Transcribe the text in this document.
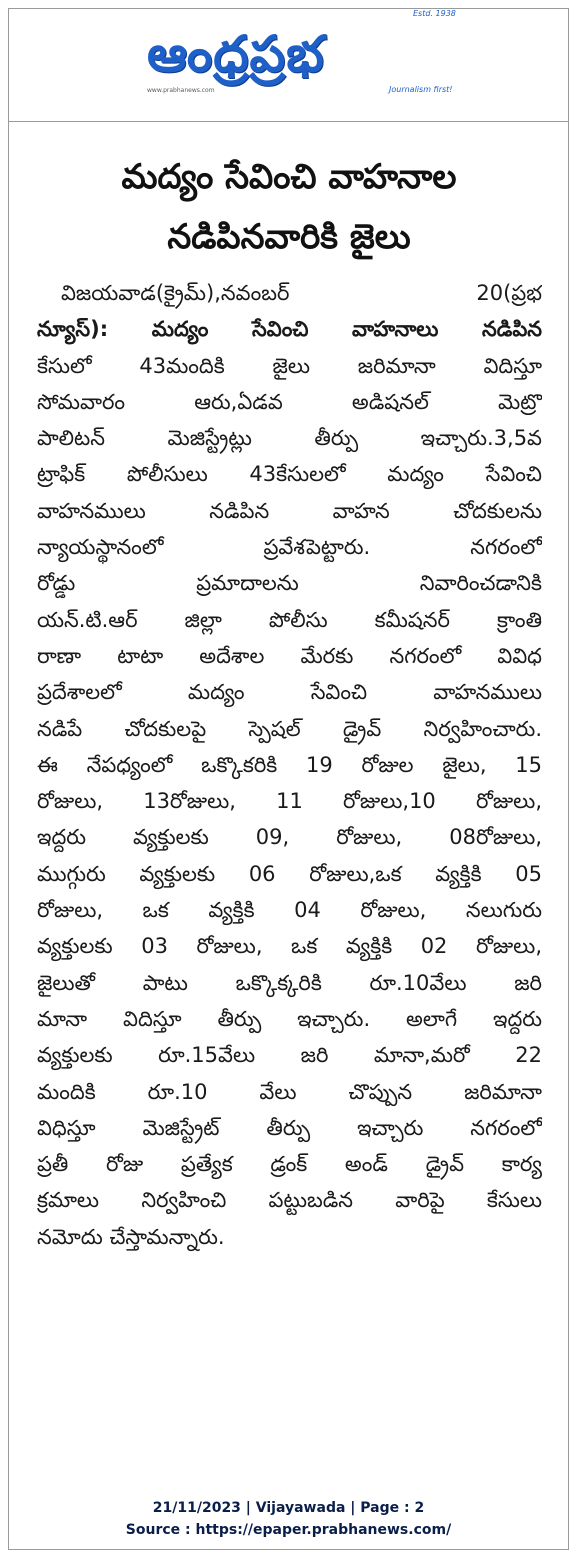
ఆంధ్రప్రభ
Estd. 1938
www.prabhanews.com	Journalism first!
మద్యం సేవించి వాహనాల
నడిపినవారికి జైలు
విజయవాడ(క్రైమ్),నవంబర్ 20(ప్రభ
న్యూస్): మద్యం సేవించి వాహనాలు నడిపిన
కేసులో 43మందికి జైలు జరిమానా విదిస్తూ
సోమవారం ఆరు,ఏడవ అడిషనల్ మెట్రొ
పాలిటన్ మెజిస్ట్రేట్లు తీర్పు ఇచ్చారు.3,5వ
ట్రాఫిక్ పోలీసులు 43కేసులలో మద్యం సేవించి
వాహనములు నడిపిన వాహన చోదకులను
న్యాయస్థానంలో ప్రవేశపెట్టారు. నగరంలో
రోడ్డు ప్రమాదాలను నివారించడానికి
యన్.టి.ఆర్ జిల్లా పోలీసు కమీషనర్ క్రాంతి
రాణా టాటా అదేశాల మేరకు నగరంలో వివిధ
ప్రదేశాలలో మద్యం సేవించి వాహనములు
నడిపే చోదకులపై స్పెషల్ డ్రైవ్ నిర్వహించారు.
ఈ నేపధ్యంలో ఒక్కొకరికి 19 రోజుల జైలు, 15
రోజులు, 13రోజులు, 11 రోజులు,10 రోజులు,
ఇద్దరు వ్యక్తులకు 09, రోజులు, 08రోజులు,
ముగ్గురు వ్యక్తులకు 06 రోజులు,ఒక వ్యక్తికి 05
రోజులు, ఒక వ్యక్తికి 04 రోజులు, నలుగురు
వ్యక్తులకు 03 రోజులు, ఒక వ్యక్తికి 02 రోజులు,
జైలుతో పాటు ఒక్కొక్కరికి రూ.10వేలు జరి
మానా విదిస్తూ తీర్పు ఇచ్చారు. అలాగే ఇద్దరు
వ్యక్తులకు రూ.15వేలు జరి మానా,మరో 22
మందికి రూ.10 వేలు చొప్పున జరిమానా
విధిస్తూ మెజిస్ట్రేట్ తీర్పు ఇచ్చారు నగరంలో
ప్రతీ రోజు ప్రత్యేక డ్రంక్ అండ్ డ్రైవ్ కార్య
క్రమాలు నిర్వహించి పట్టుబడిన వారిపై కేసులు
నమోదు చేస్తామన్నారు.
21/11/2023 | Vijayawada | Page : 2
Source : https://epaper.prabhanews.com/
